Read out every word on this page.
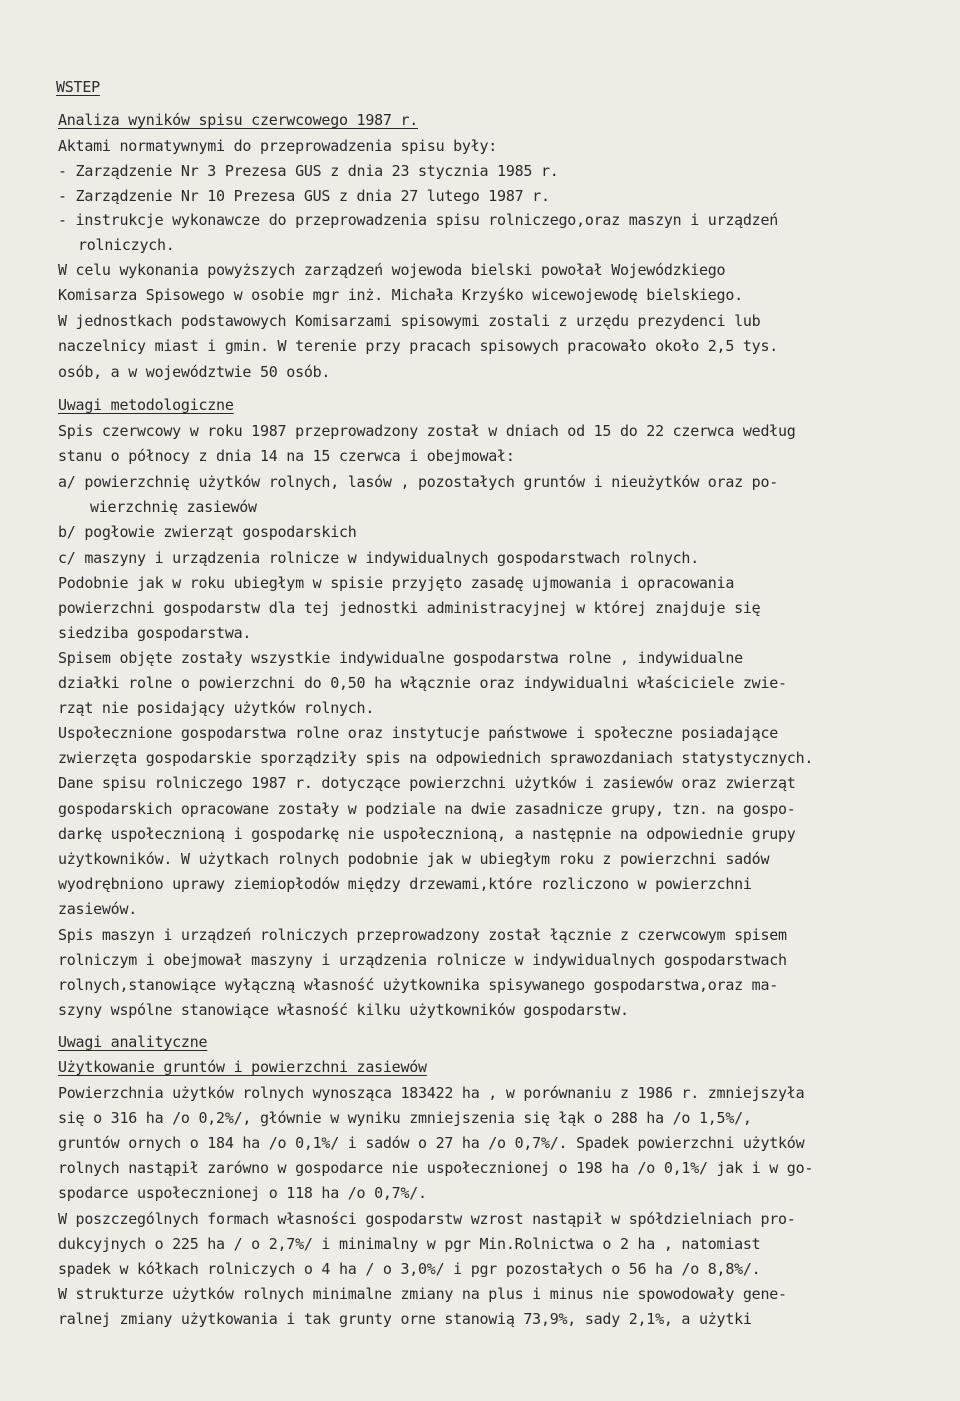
WSTEP
Analiza wyników spisu czerwcowego 1987 r.
Aktami normatywnymi do przeprowadzenia spisu były:
- Zarządzenie Nr 3 Prezesa GUS z dnia 23 stycznia 1985 r.
- Zarządzenie Nr 10 Prezesa GUS z dnia 27 lutego 1987 r.
- instrukcje wykonawcze do przeprowadzenia spisu rolniczego,oraz maszyn i urządzeń
rolniczych.
W celu wykonania powyższych zarządzeń wojewoda bielski powołał Wojewódzkiego
Komisarza Spisowego w osobie mgr inż. Michała Krzyśko wicewojewodę bielskiego.
W jednostkach podstawowych Komisarzami spisowymi zostali z urzędu prezydenci lub
naczelnicy miast i gmin. W terenie przy pracach spisowych pracowało około 2,5 tys.
osób, a w województwie 50 osób.
Uwagi metodologiczne
Spis czerwcowy w roku 1987 przeprowadzony został w dniach od 15 do 22 czerwca według
stanu o północy z dnia 14 na 15 czerwca i obejmował:
a/ powierzchnię użytków rolnych, lasów , pozostałych gruntów i nieużytków oraz po-
wierzchnię zasiewów
b/ pogłowie zwierząt gospodarskich
c/ maszyny i urządzenia rolnicze w indywidualnych gospodarstwach rolnych.
Podobnie jak w roku ubiegłym w spisie przyjęto zasadę ujmowania i opracowania
powierzchni gospodarstw dla tej jednostki administracyjnej w której znajduje się
siedziba gospodarstwa.
Spisem objęte zostały wszystkie indywidualne gospodarstwa rolne , indywidualne
działki rolne o powierzchni do 0,50 ha włącznie oraz indywidualni właściciele zwie-
rząt nie posidający użytków rolnych.
Uspołecznione gospodarstwa rolne oraz instytucje państwowe i społeczne posiadające
zwierzęta gospodarskie sporządziły spis na odpowiednich sprawozdaniach statystycznych.
Dane spisu rolniczego 1987 r. dotyczące powierzchni użytków i zasiewów oraz zwierząt
gospodarskich opracowane zostały w podziale na dwie zasadnicze grupy, tzn. na gospo-
darkę uspołecznioną i gospodarkę nie uspołecznioną, a następnie na odpowiednie grupy
użytkowników. W użytkach rolnych podobnie jak w ubiegłym roku z powierzchni sadów
wyodrębniono uprawy ziemiopłodów między drzewami,które rozliczono w powierzchni
zasiewów.
Spis maszyn i urządzeń rolniczych przeprowadzony został łącznie z czerwcowym spisem
rolniczym i obejmował maszyny i urządzenia rolnicze w indywidualnych gospodarstwach
rolnych,stanowiące wyłączną własność użytkownika spisywanego gospodarstwa,oraz ma-
szyny wspólne stanowiące własność kilku użytkowników gospodarstw.
Uwagi analityczne
Użytkowanie gruntów i powierzchni zasiewów
Powierzchnia użytków rolnych wynosząca 183422 ha , w porównaniu z 1986 r. zmniejszyła
się o 316 ha /o 0,2%/, głównie w wyniku zmniejszenia się łąk o 288 ha /o 1,5%/,
gruntów ornych o 184 ha /o 0,1%/ i sadów o 27 ha /o 0,7%/. Spadek powierzchni użytków
rolnych nastąpił zarówno w gospodarce nie uspołecznionej o 198 ha /o 0,1%/ jak i w go-
spodarce uspołecznionej o 118 ha /o 0,7%/.
W poszczególnych formach własności gospodarstw wzrost nastąpił w spółdzielniach pro-
dukcyjnych o 225 ha / o 2,7%/ i minimalny w pgr Min.Rolnictwa o 2 ha , natomiast
spadek w kółkach rolniczych o 4 ha / o 3,0%/ i pgr pozostałych o 56 ha /o 8,8%/.
W strukturze użytków rolnych minimalne zmiany na plus i minus nie spowodowały gene-
ralnej zmiany użytkowania i tak grunty orne stanowią 73,9%, sady 2,1%, a użytki
